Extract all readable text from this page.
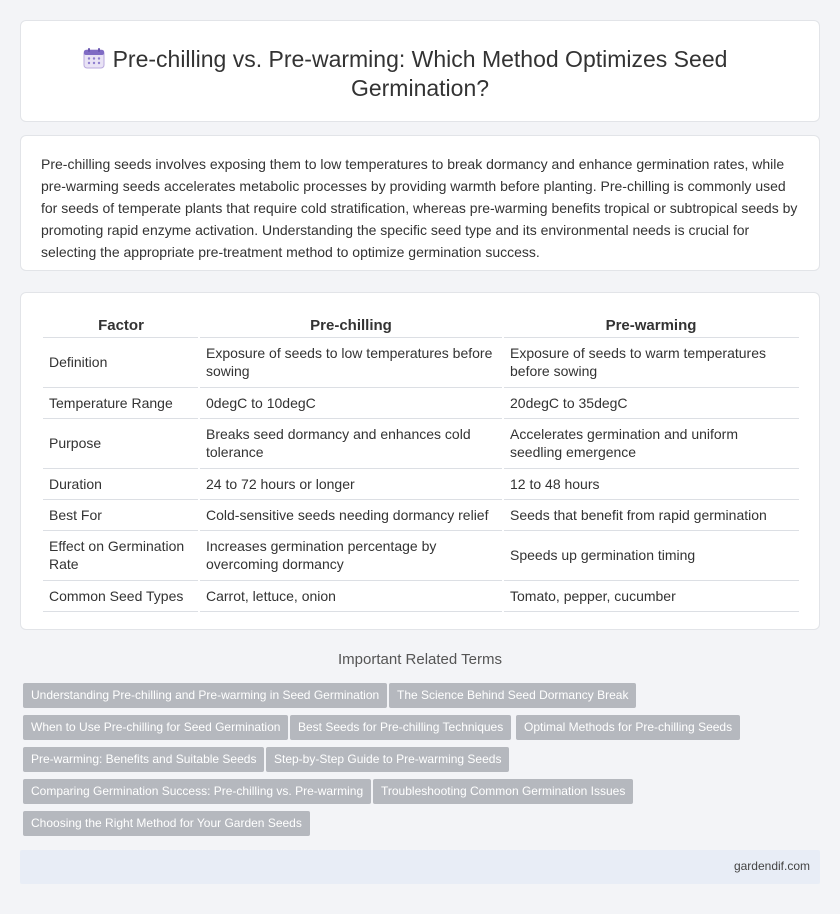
Pre-chilling vs. Pre-warming: Which Method Optimizes Seed
Germination?

Pre-chilling seeds involves exposing them to low temperatures to break dormancy and enhance germination rates, while pre-warming seeds accelerates metabolic processes by providing warmth before planting. Pre-chilling is commonly used for seeds of temperate plants that require cold stratification, whereas pre-warming benefits tropical or subtropical seeds by promoting rapid enzyme activation. Understanding the specific seed type and its environmental needs is crucial for selecting the appropriate pre-treatment method to optimize germination success.

Factor	Pre-chilling	Pre-warming
Definition	Exposure of seeds to low temperatures before sowing	Exposure of seeds to warm temperatures before sowing
Temperature Range	0degC to 10degC	20degC to 35degC
Purpose	Breaks seed dormancy and enhances cold tolerance	Accelerates germination and uniform seedling emergence
Duration	24 to 72 hours or longer	12 to 48 hours
Best For	Cold-sensitive seeds needing dormancy relief	Seeds that benefit from rapid germination
Effect on Germination Rate	Increases germination percentage by overcoming dormancy	Speeds up germination timing
Common Seed Types	Carrot, lettuce, onion	Tomato, pepper, cucumber
Important Related Terms
Understanding Pre-chilling and Pre-warming in Seed Germination	The Science Behind Seed Dormancy Break
When to Use Pre-chilling for Seed Germination	Best Seeds for Pre-chilling Techniques	Optimal Methods for Pre-chilling Seeds
Pre-warming: Benefits and Suitable Seeds	Step-by-Step Guide to Pre-warming Seeds
Comparing Germination Success: Pre-chilling vs. Pre-warming	Troubleshooting Common Germination Issues
Choosing the Right Method for Your Garden Seeds
gardendif.com
